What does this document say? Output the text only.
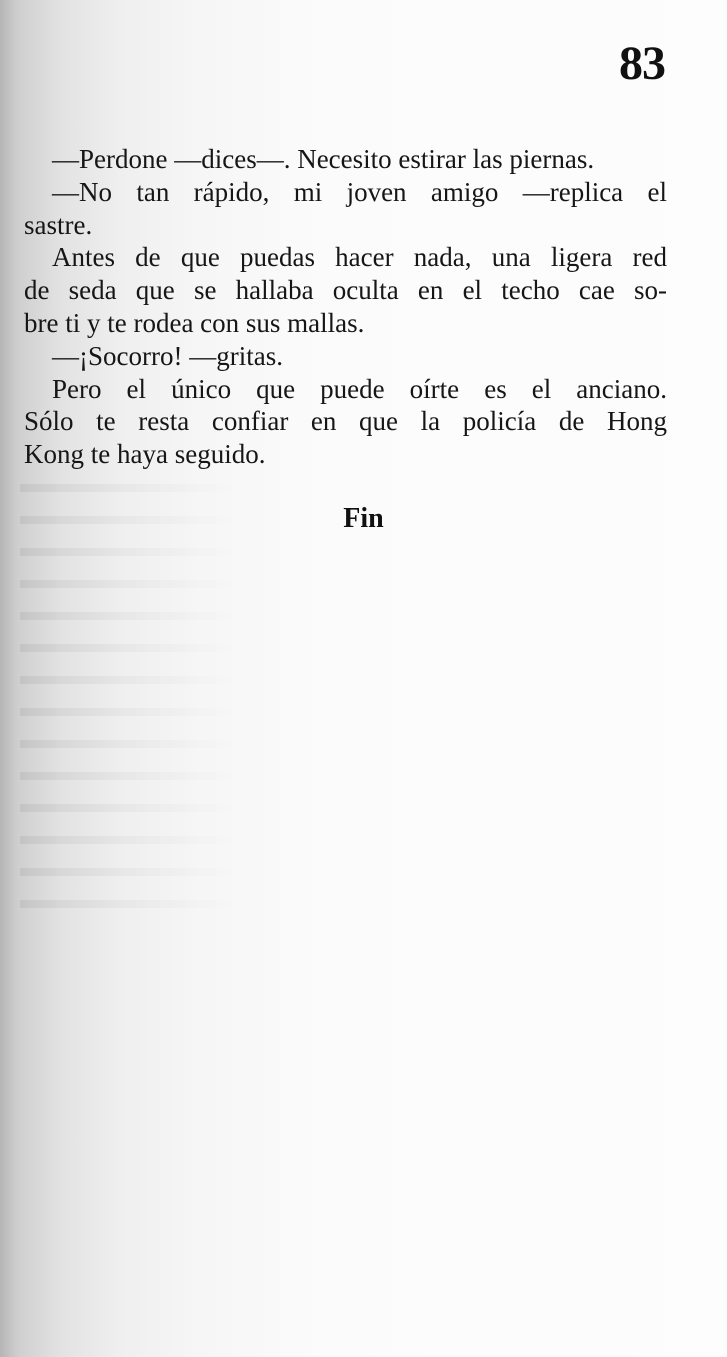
83

—Perdone —dices—. Necesito estirar las piernas.

—No tan rápido, mi joven amigo —replica el
sastre.

Antes de que puedas hacer nada, una ligera red
de seda que se hallaba oculta en el techo cae so-
bre ti y te rodea con sus mallas.

—¡Socorro! —gritas.

Pero el único que puede oírte es el anciano.
Sólo te resta confiar en que la policía de Hong
Kong te haya seguido.

Fin
